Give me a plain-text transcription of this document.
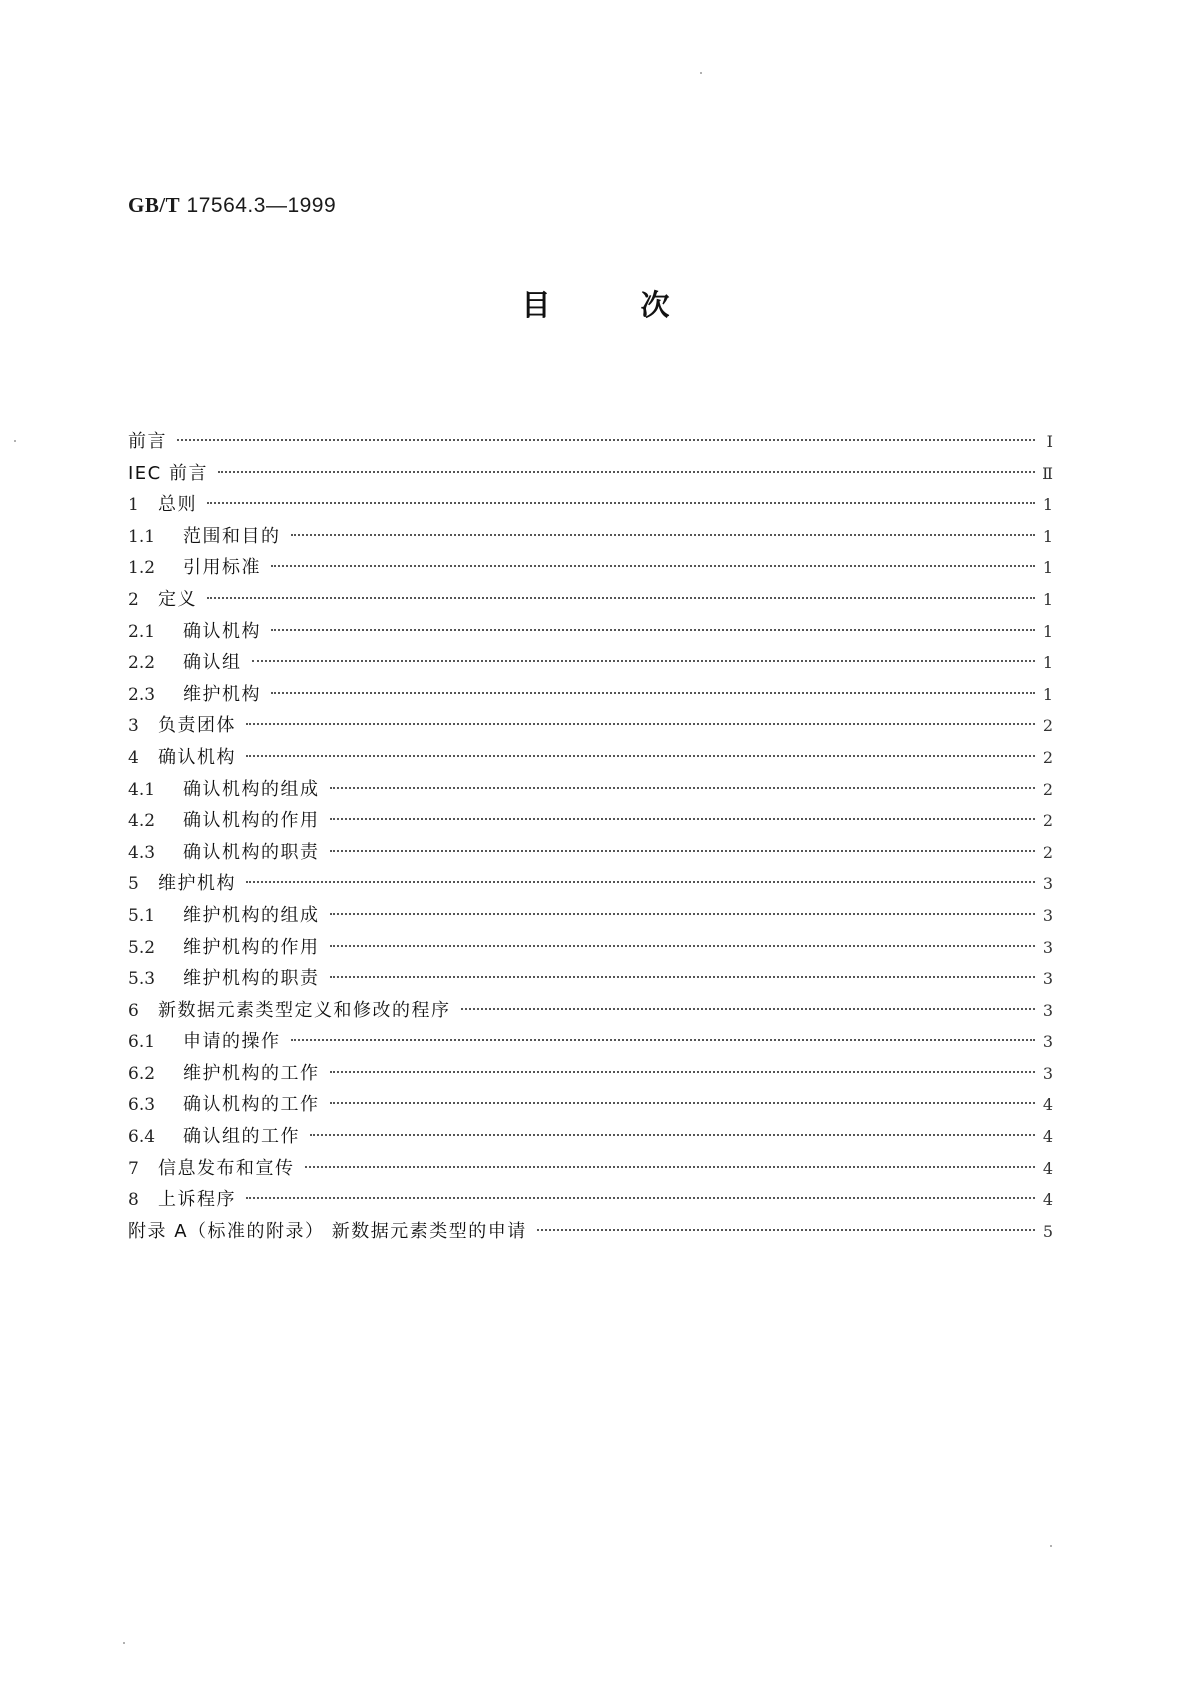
GB/T 17564.3—1999
目	次
前言	I
IEC 前言	Ⅱ
1	总则	1
1.1	范围和目的	1
1.2	引用标准	1
2	定义	1
2.1	确认机构	1
2.2	确认组	1
2.3	维护机构	1
3	负责团体	2
4	确认机构	2
4.1	确认机构的组成	2
4.2	确认机构的作用	2
4.3	确认机构的职责	2
5	维护机构	3
5.1	维护机构的组成	3
5.2	维护机构的作用	3
5.3	维护机构的职责	3
6	新数据元素类型定义和修改的程序	3
6.1	申请的操作	3
6.2	维护机构的工作	3
6.3	确认机构的工作	4
6.4	确认组的工作	4
7	信息发布和宣传	4
8	上诉程序	4
附录 A（标准的附录） 新数据元素类型的申请	5
